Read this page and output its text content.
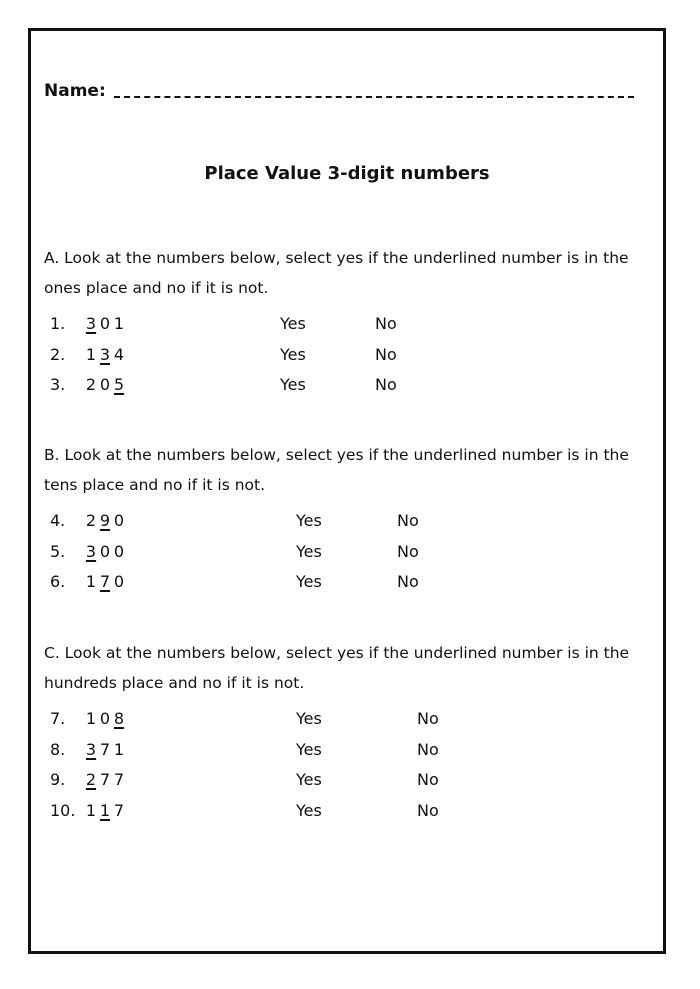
Name:
Place Value 3-digit numbers

A. Look at the numbers below, select yes if the underlined number is in the ones place and no if it is not.

1. 3 0 1	Yes	No
2. 1 3 4	Yes	No
3. 2 0 5	Yes	No

B. Look at the numbers below, select yes if the underlined number is in the tens place and no if it is not.

4. 2 9 0	Yes	No
5. 3 0 0	Yes	No
6. 1 7 0	Yes	No

C. Look at the numbers below, select yes if the underlined number is in the hundreds place and no if it is not.

7. 1 0 8	Yes	No
8. 3 7 1	Yes	No
9. 2 7 7	Yes	No
10. 1 1 7	Yes	No
